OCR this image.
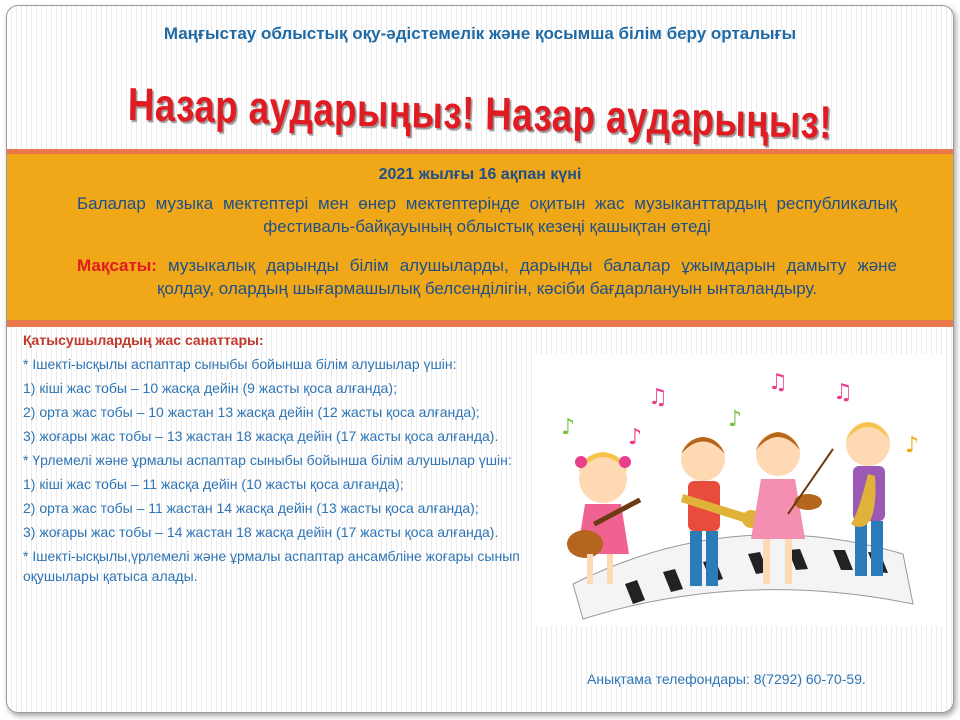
Маңғыстау облыстық оқу-әдістемелік және қосымша білім беру орталығы
Назар аударыңыз! Назар аударыңыз!
2021 жылғы 16 ақпан күні
Балалар музыка мектептері мен өнер мектептерінде оқитын жас музыканттардың республикалық фестиваль-байқауының облыстық кезеңі қашықтан өтеді
Мақсаты: музыкалық дарынды білім алушыларды, дарынды балалар ұжымдарын дамыту және қолдау, олардың шығармашылық белсенділігін, кәсіби бағдарлануын ынталандыру.
Қатысушылардың жас санаттары:
* Ішекті-ысқылы аспаптар сыныбы бойынша білім алушылар үшін:
1) кіші жас тобы – 10 жасқа дейін (9 жасты қоса алғанда);
2) орта жас тобы – 10 жастан 13 жасқа дейін (12 жасты қоса алғанда);
3) жоғары жас тобы – 13 жастан 18 жасқа дейін (17 жасты қоса алғанда).
* Үрлемелі және ұрмалы аспаптар сыныбы бойынша білім алушылар үшін:
1) кіші жас тобы – 11 жасқа дейін (10 жасты қоса алғанда);
2) орта жас тобы – 11 жастан 14 жасқа дейін (13 жасты қоса алғанда);
3) жоғары жас тобы – 14 жастан 18 жасқа дейін (17 жасты қоса алғанда).
* Ішекті-ысқылы,үрлемелі және ұрмалы аспаптар ансамбліне жоғары сынып оқушылары қатыса алады.
♪ ♪
♫
♪
♫ ♫
♪
Анықтама телефондары: 8(7292) 60-70-59.
